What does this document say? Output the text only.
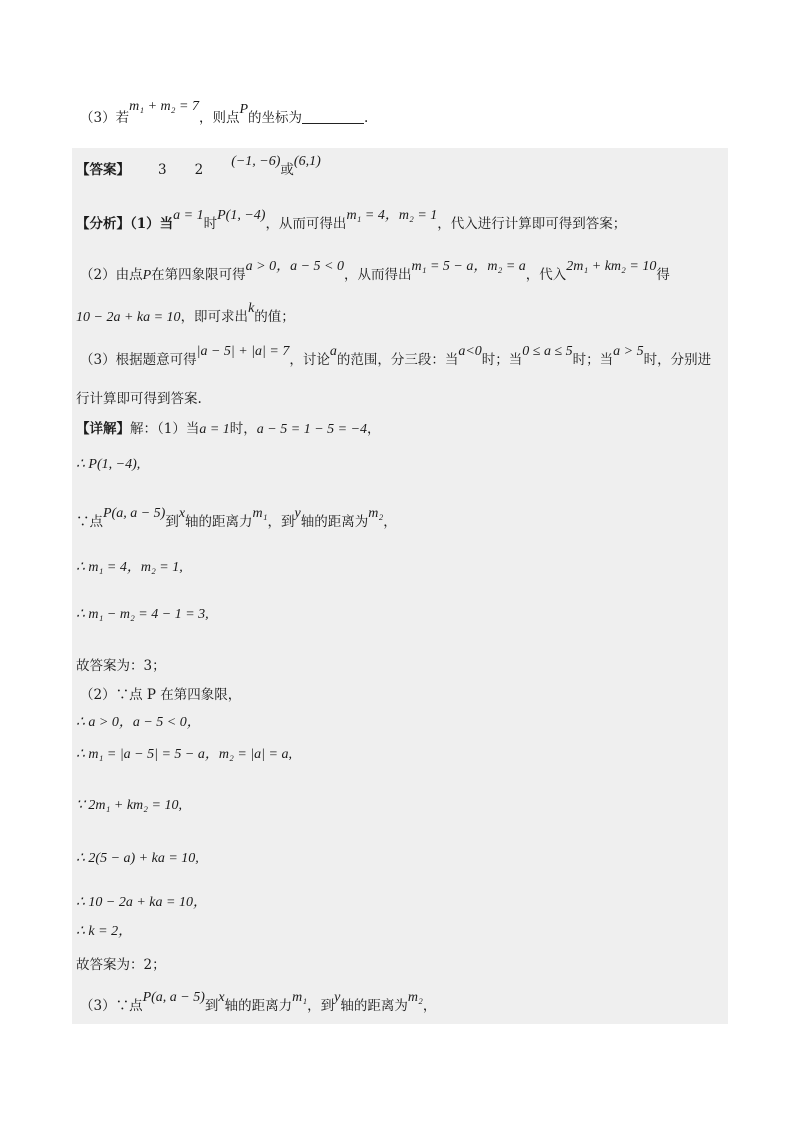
（3）若m₁ + m₂ = 7，则点P的坐标为	.
【答案】 3 2(−1, −6)或(6,1)
【分析】（1）当a = 1时P(1, −4)，从而可得出m₁ = 4，m₂ = 1，代入进行计算即可得到答案；
（2）由点P在第四象限可得a > 0，a − 5 < 0，从而得出m₁ = 5 − a，m₂ = a，代入2m₁ + km₂ = 10得
10 − 2a + ka = 10，即可求出k的值；
（3）根据题意可得|a − 5| + |a| = 7，讨论a的范围，分三段：当a<0时；当0 ≤ a ≤ 5时；当a > 5时，分别进
行计算即可得到答案.
【详解】解：（1）当a = 1时，a − 5 = 1 − 5 = −4，
∴ P(1, −4),
∵点P(a, a − 5)到x轴的距离力m₁，到y轴的距离为m₂，
∴ m₁ = 4，m₂ = 1,
∴ m₁ − m₂ = 4 − 1 = 3,
故答案为：3；
（2）∵点 P 在第四象限，
∴ a > 0，a − 5 < 0，
∴ m₁ = |a − 5| = 5 − a，m₂ = |a| = a,
∵ 2m₁ + km₂ = 10,
∴ 2(5 − a) + ka = 10,
∴ 10 − 2a + ka = 10，
∴ k = 2，
故答案为：2；
（3）∵点P(a, a − 5)到x轴的距离力m₁，到y轴的距离为m₂，
